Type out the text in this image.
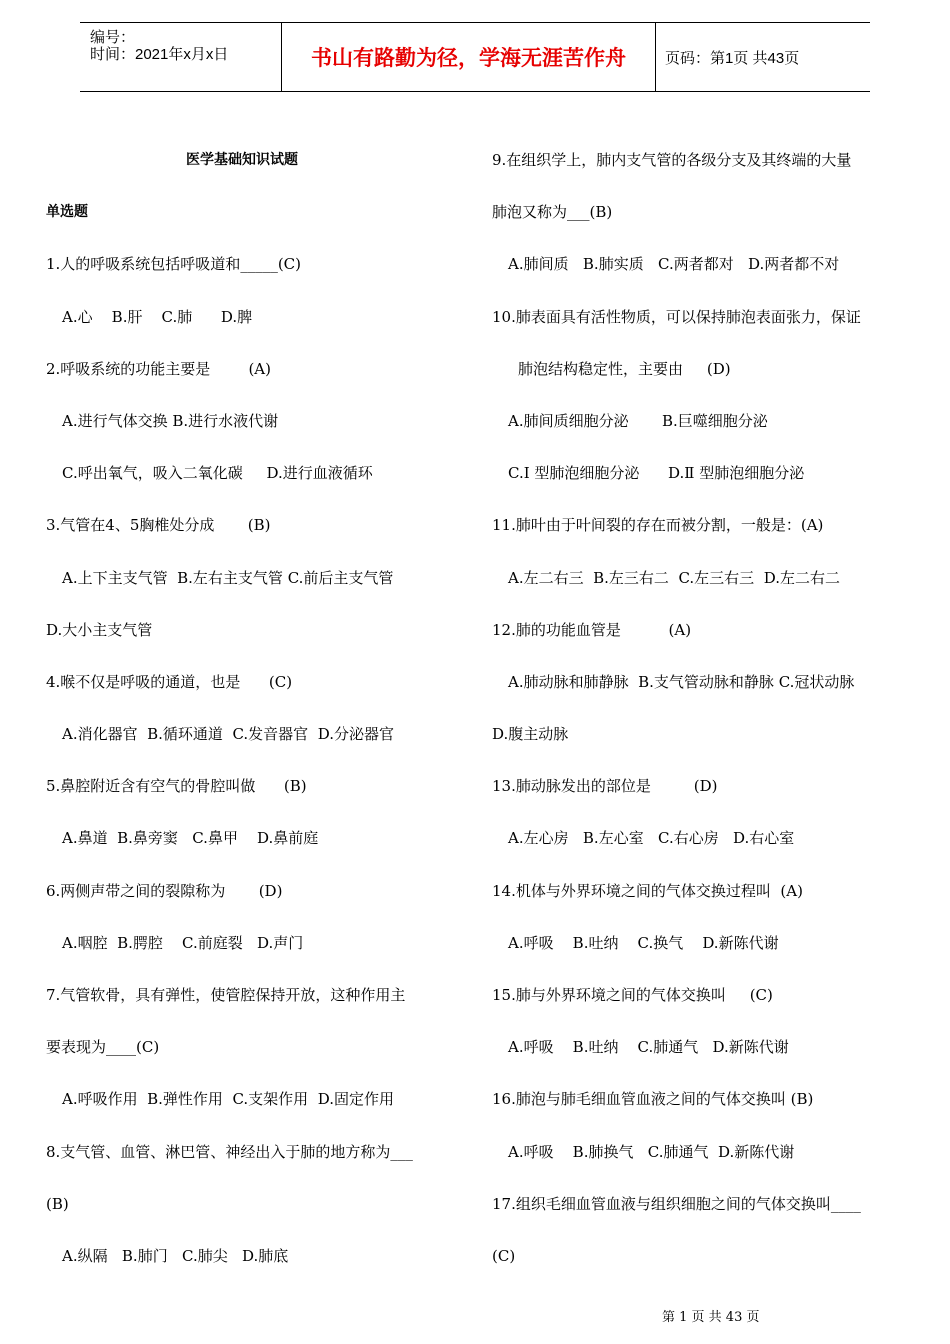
编号：
时间：2021年x月x日	书山有路勤为径，学海无涯苦作舟	页码：第1页 共43页
医学基础知识试题
单选题
1.人的呼吸系统包括呼吸道和_____(C)
A.心    B.肝    C.肺      D.脾
2.呼吸系统的功能主要是        (A)
A.进行气体交换 B.进行水液代谢
C.呼出氧气，吸入二氧化碳     D.进行血液循环
3.气管在4、5胸椎处分成       (B)
A.上下主支气管  B.左右主支气管 C.前后主支气管
D.大小主支气管
4.喉不仅是呼吸的通道，也是      (C)
A.消化器官  B.循环通道  C.发音器官  D.分泌器官
5.鼻腔附近含有空气的骨腔叫做      (B)
A.鼻道  B.鼻旁窦   C.鼻甲    D.鼻前庭
6.两侧声带之间的裂隙称为       (D)
A.咽腔  B.腭腔    C.前庭裂   D.声门
7.气管软骨，具有弹性，使管腔保持开放，这种作用主
要表现为____(C)
A.呼吸作用  B.弹性作用  C.支架作用  D.固定作用
8.支气管、血管、淋巴管、神经出入于肺的地方称为___
(B)
A.纵隔   B.肺门   C.肺尖   D.肺底
9.在组织学上，肺内支气管的各级分支及其终端的大量
肺泡又称为___(B)
A.肺间质   B.肺实质   C.两者都对   D.两者都不对
10.肺表面具有活性物质，可以保持肺泡表面张力，保证
肺泡结构稳定性，主要由     (D)
A.肺间质细胞分泌       B.巨噬细胞分泌
C.Ⅰ 型肺泡细胞分泌      D.Ⅱ 型肺泡细胞分泌
11.肺叶由于叶间裂的存在而被分割，一般是：(A)
A.左二右三  B.左三右二  C.左三右三  D.左二右二
12.肺的功能血管是          (A)
A.肺动脉和肺静脉  B.支气管动脉和静脉 C.冠状动脉
D.腹主动脉
13.肺动脉发出的部位是         (D)
A.左心房   B.左心室   C.右心房   D.右心室
14.机体与外界环境之间的气体交换过程叫  (A)
A.呼吸    B.吐纳    C.换气    D.新陈代谢
15.肺与外界环境之间的气体交换叫     (C)
A.呼吸    B.吐纳    C.肺通气   D.新陈代谢
16.肺泡与肺毛细血管血液之间的气体交换叫 (B)
A.呼吸    B.肺换气   C.肺通气  D.新陈代谢
17.组织毛细血管血液与组织细胞之间的气体交换叫____
(C)
第 1 页 共 43 页
